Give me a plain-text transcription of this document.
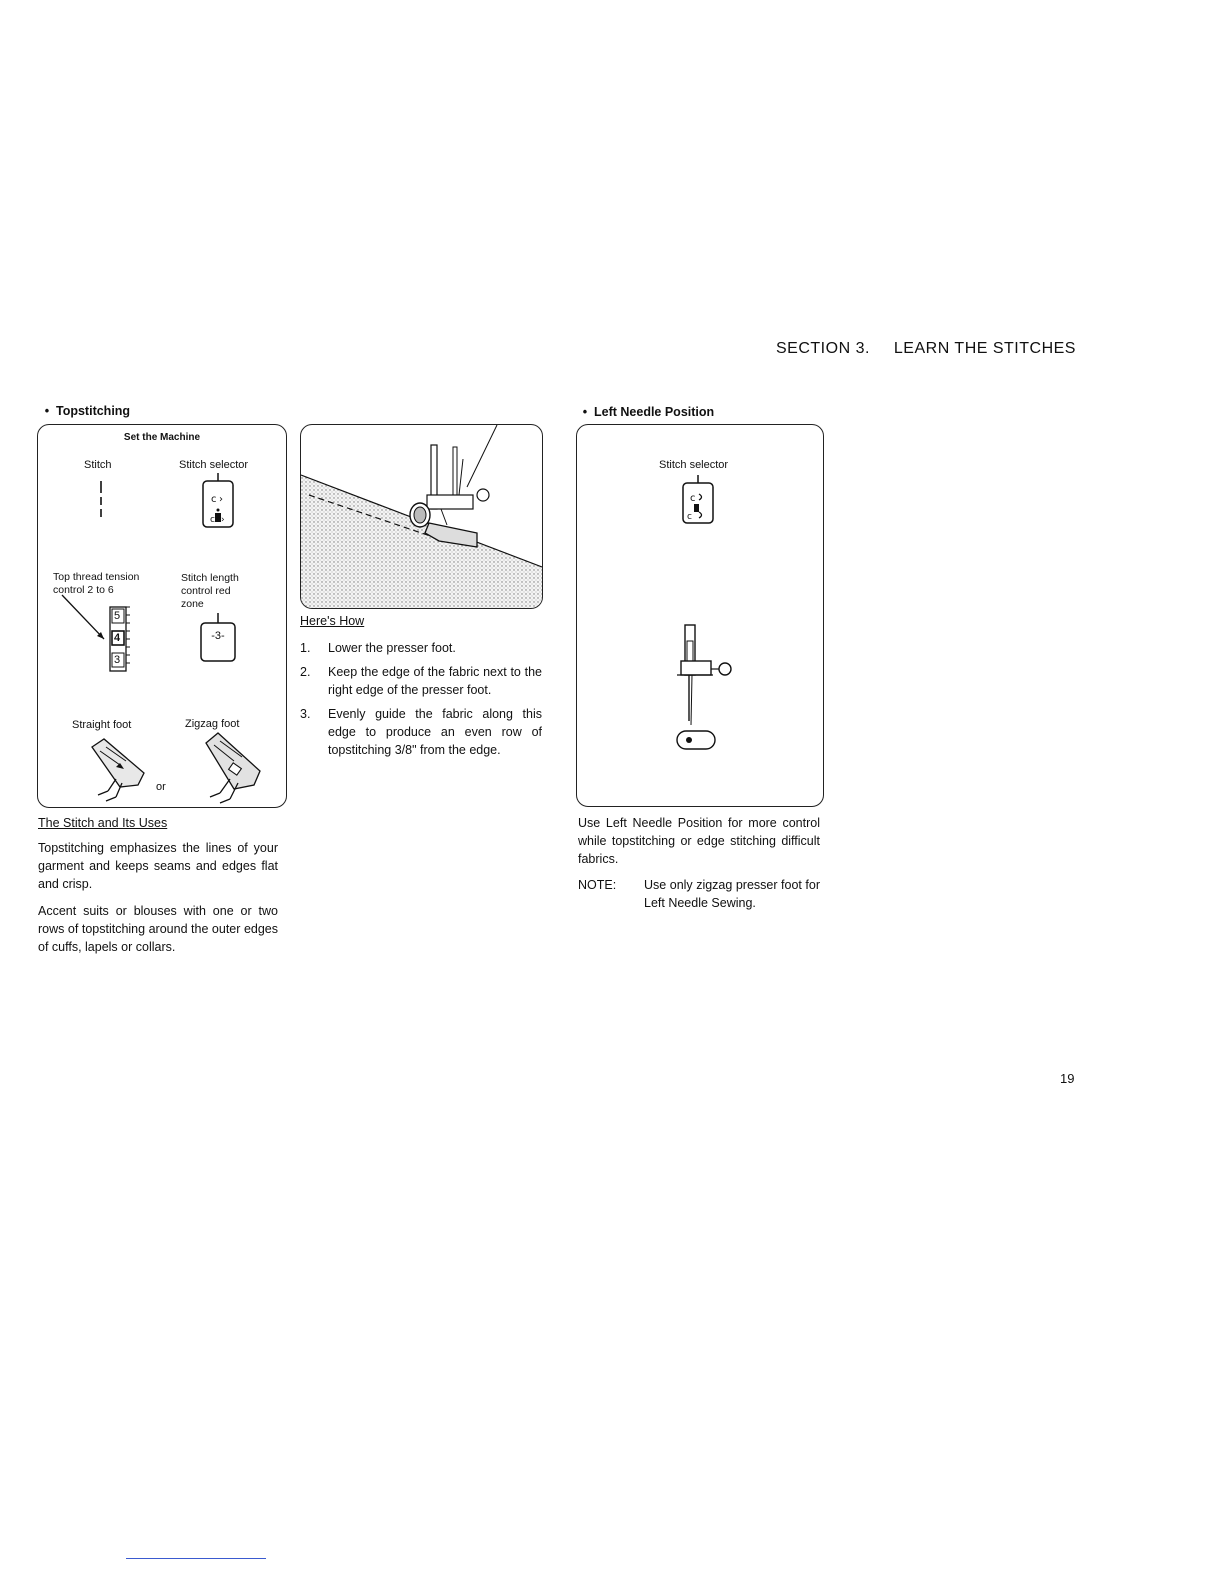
SECTION 3. LEARN THE STITCHES
• Topstitching
Set the Machine
Stitch	Stitch selector
c ›
c ›
Top thread tension
control 2 to 6
Stitch length
control red
zone
5
4
3
-3-
Straight foot	Zigzag foot
or
The Stitch and Its Uses
Topstitching emphasizes the lines of your garment and keeps seams and edges flat and crisp.
Accent suits or blouses with one or two rows of topstitching around the outer edges of cuffs, lapels or collars.
Here's How
1.	Lower the presser foot.
2.	Keep the edge of the fabric next to the right edge of the presser foot.
3.	Evenly guide the fabric along this edge to produce an even row of topstitching 3/8" from the edge.
• Left Needle Position
Stitch selector
c
c
Use Left Needle Position for more control while topstitching or edge stitching difficult fabrics.
NOTE:	Use only zigzag presser foot for Left Needle Sewing.
19
